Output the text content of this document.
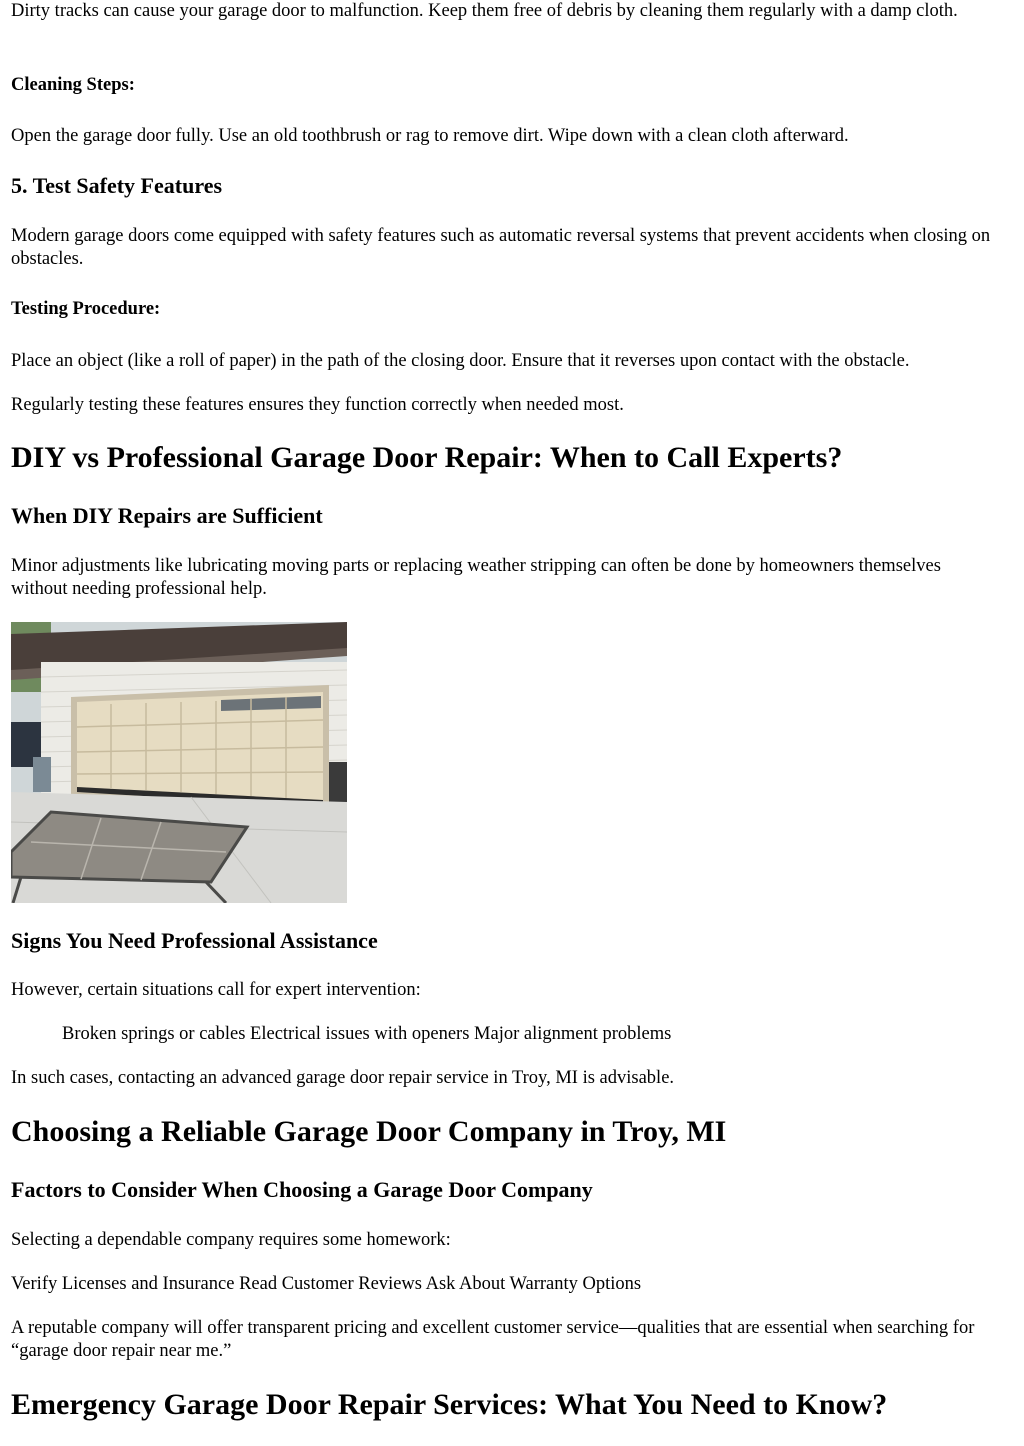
Dirty tracks can cause your garage door to malfunction. Keep them free of debris by cleaning them regularly with a damp cloth.

Cleaning Steps:

Open the garage door fully. Use an old toothbrush or rag to remove dirt. Wipe down with a clean cloth afterward.

5. Test Safety Features

Modern garage doors come equipped with safety features such as automatic reversal systems that prevent accidents when closing on obstacles.

Testing Procedure:

Place an object (like a roll of paper) in the path of the closing door. Ensure that it reverses upon contact with the obstacle.

Regularly testing these features ensures they function correctly when needed most.

DIY vs Professional Garage Door Repair: When to Call Experts?
When DIY Repairs are Sufficient

Minor adjustments like lubricating moving parts or replacing weather stripping can often be done by homeowners themselves without needing professional help.

Signs You Need Professional Assistance

However, certain situations call for expert intervention:

Broken springs or cables Electrical issues with openers Major alignment problems

In such cases, contacting an advanced garage door repair service in Troy, MI is advisable.

Choosing a Reliable Garage Door Company in Troy, MI
Factors to Consider When Choosing a Garage Door Company

Selecting a dependable company requires some homework:

Verify Licenses and Insurance Read Customer Reviews Ask About Warranty Options

A reputable company will offer transparent pricing and excellent customer service—qualities that are essential when searching for “garage door repair near me.”

Emergency Garage Door Repair Services: What You Need to Know?
